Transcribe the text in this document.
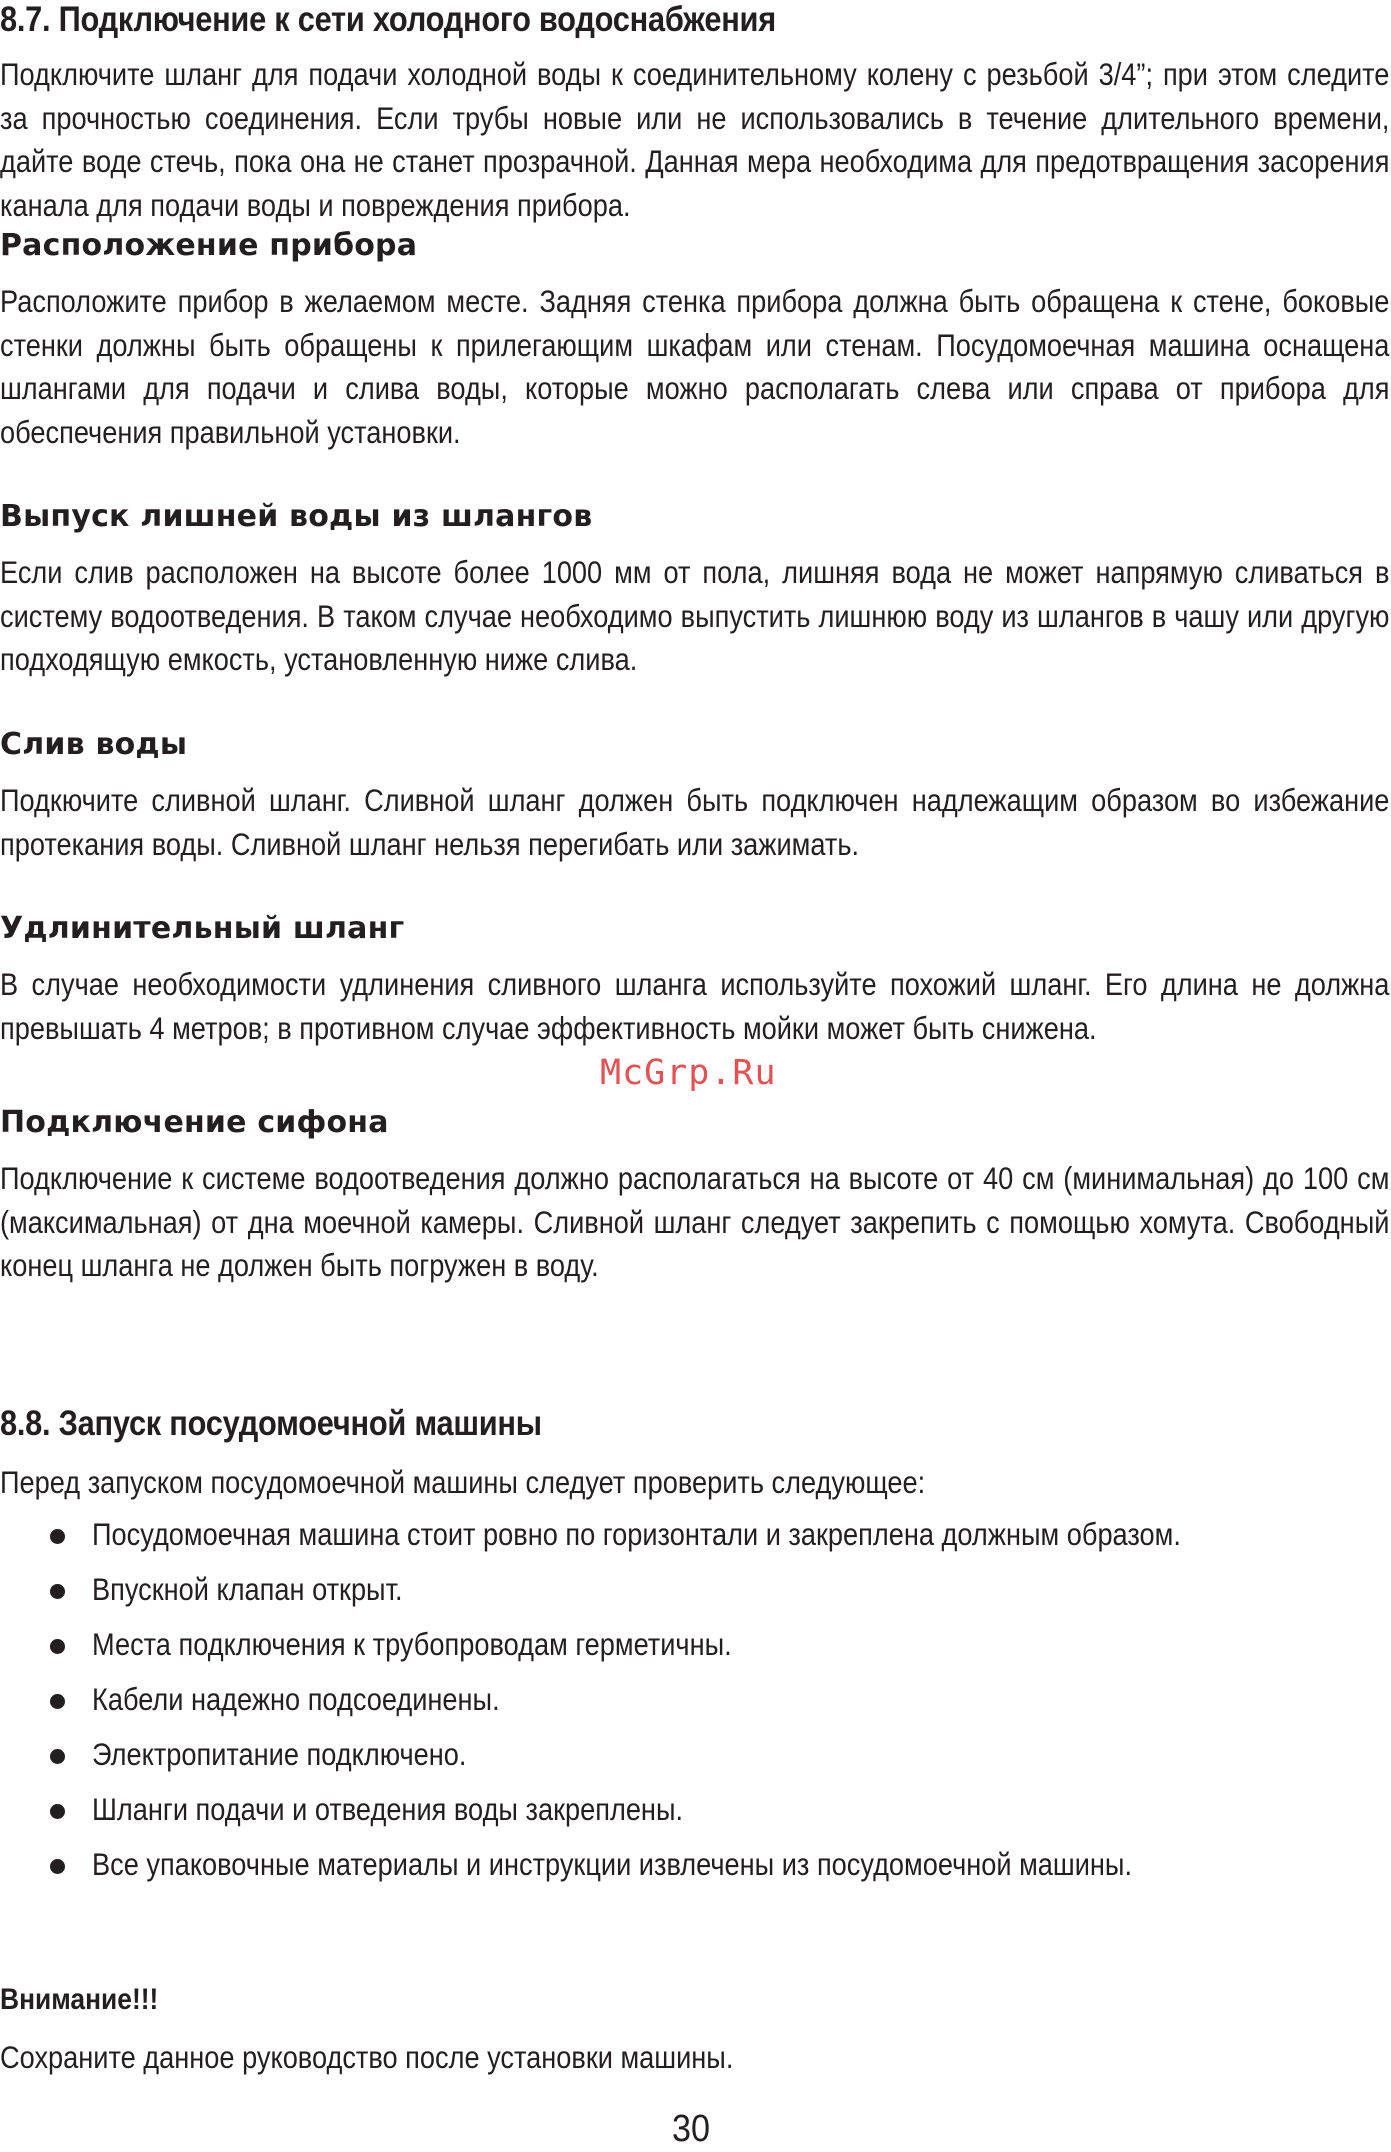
8.7. Подключение к сети холодного водоснабжения

Подключите шланг для подачи холодной воды к соединительному колену с резьбой 3/4”; при этом следите за прочностью соединения. Если трубы новые или не использовались в течение длительного времени, дайте воде стечь, пока она не станет прозрачной. Данная мера необходима для предотвращения засорения канала для подачи воды и повреждения прибора.

Расположение прибора

Расположите прибор в желаемом месте. Задняя стенка прибора должна быть обращена к стене, боковые стенки должны быть обращены к прилегающим шкафам или стенам. Посудомоечная машина оснащена шлангами для подачи и слива воды, которые можно располагать слева или справа от прибора для обеспечения правильной установки.

Выпуск лишней воды из шлангов

Если слив расположен на высоте более 1000 мм от пола, лишняя вода не может напрямую сливаться в систему водоотведения. В таком случае необходимо выпустить лишнюю воду из шлангов в чашу или другую подходящую емкость, установленную ниже слива.

Слив воды

Подкючите сливной шланг. Сливной шланг должен быть подключен надлежащим образом во избежание протекания воды. Сливной шланг нельзя перегибать или зажимать.

Удлинительный шланг

В случае необходимости удлинения сливного шланга используйте похожий шланг. Его длина не должна превышать 4 метров; в противном случае эффективность мойки может быть снижена.

McGrp.Ru
Подключение сифона

Подключение к системе водоотведения должно располагаться на высоте от 40 см (минимальная) до 100 см (максимальная) от дна моечной камеры. Сливной шланг следует закрепить с помощью хомута. Свободный конец шланга не должен быть погружен в воду.

8.8. Запуск посудомоечной машины

Перед запуском посудомоечной машины следует проверить следующее:

Посудомоечная машина стоит ровно по горизонтали и закреплена должным образом.
Впускной клапан открыт.
Места подключения к трубопроводам герметичны.
Кабели надежно подсоединены.
Электропитание подключено.
Шланги подачи и отведения воды закреплены.
Все упаковочные материалы и инструкции извлечены из посудомоечной машины.
Внимание!!!

Сохраните данное руководство после установки машины.

30
